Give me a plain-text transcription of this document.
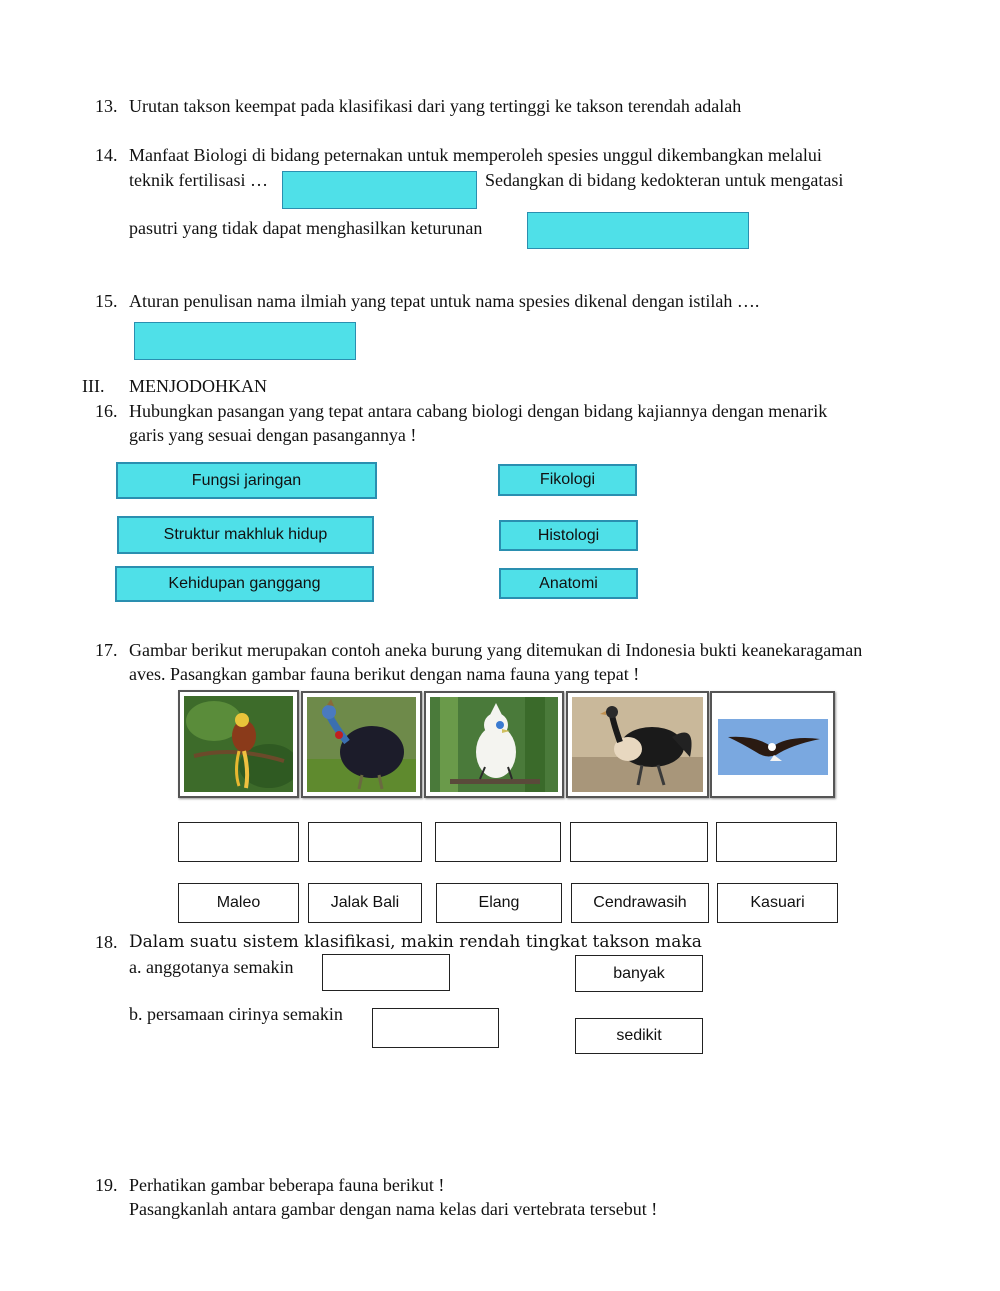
13. Urutan takson keempat pada klasifikasi dari yang tertinggi ke takson terendah adalah
14. Manfaat Biologi di bidang peternakan untuk memperoleh spesies unggul dikembangkan melalui
teknik fertilisasi …	Sedangkan di bidang kedokteran untuk mengatasi
pasutri yang tidak dapat menghasilkan keturunan
15. Aturan penulisan nama ilmiah yang tepat untuk nama spesies dikenal dengan istilah ….
III. MENJODOHKAN
16. Hubungkan pasangan yang tepat antara cabang biologi dengan bidang kajiannya dengan menarik
garis yang sesuai dengan pasangannya !
Fungsi jaringan
Struktur makhluk hidup
Kehidupan ganggang
Fikologi
Histologi
Anatomi
17. Gambar berikut merupakan contoh aneka burung yang ditemukan di Indonesia bukti keanekaragaman
aves. Pasangkan gambar fauna berikut dengan nama fauna yang tepat !
Maleo	Jalak Bali	Elang	Cendrawasih	Kasuari
18. Dalam suatu sistem klasifikasi, makin rendah tingkat takson maka
a. anggotanya semakin
b. persamaan cirinya semakin
banyak
sedikit
19. Perhatikan gambar beberapa fauna berikut !
Pasangkanlah antara gambar dengan nama kelas dari vertebrata tersebut !
